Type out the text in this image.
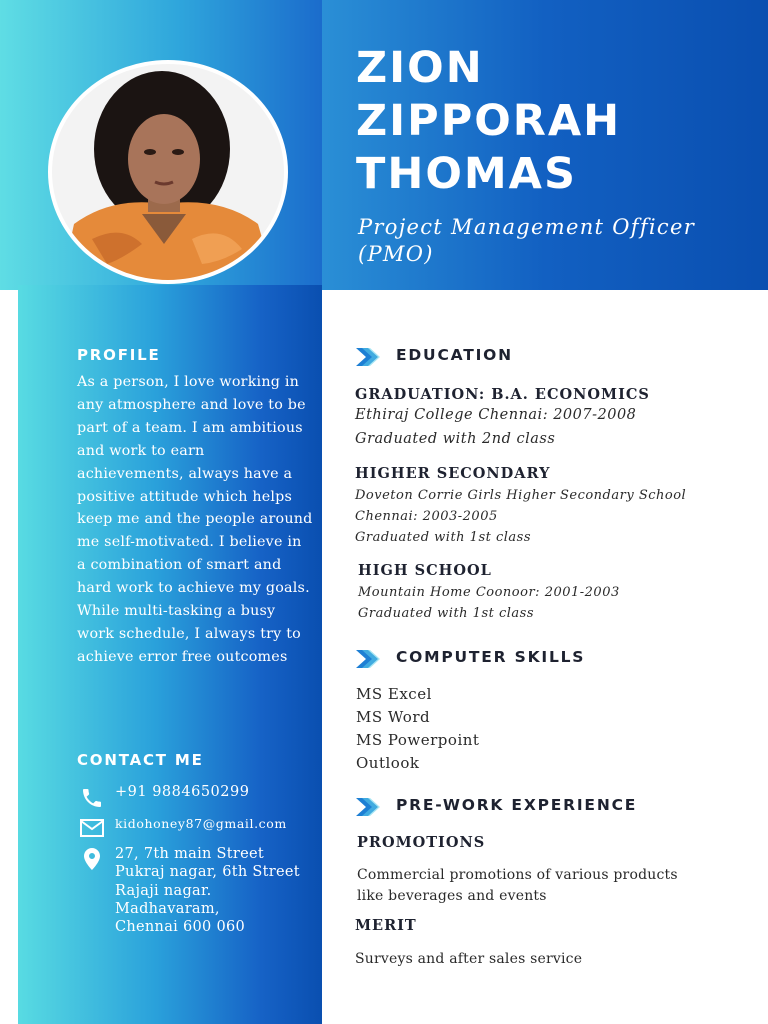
ZION
ZIPPORAH
THOMAS
Project Management Officer (PMO)
PROFILE
As a person, I love working in any atmosphere and love to be part of a team. I am ambitious and work to earn achievements, always have a positive attitude which helps keep me and the people around me self-motivated. I believe in a combination of smart and hard work to achieve my goals. While multi-tasking a busy work schedule, I always try to achieve error free outcomes
CONTACT ME
+91 9884650299
kidohoney87@gmail.com
27, 7th main Street
Pukraj nagar, 6th Street
Rajaji nagar.
Madhavaram,
Chennai 600 060
EDUCATION
GRADUATION: B.A. ECONOMICS
Ethiraj College Chennai: 2007-2008
Graduated with 2nd class
HIGHER SECONDARY
Doveton Corrie Girls Higher Secondary School
Chennai: 2003-2005
Graduated with 1st class
HIGH SCHOOL
Mountain Home Coonoor: 2001-2003
Graduated with 1st class
COMPUTER SKILLS
MS Excel
MS Word
MS Powerpoint
Outlook
PRE-WORK EXPERIENCE
PROMOTIONS
Commercial promotions of various products
like beverages and events
MERIT
Surveys and after sales service
